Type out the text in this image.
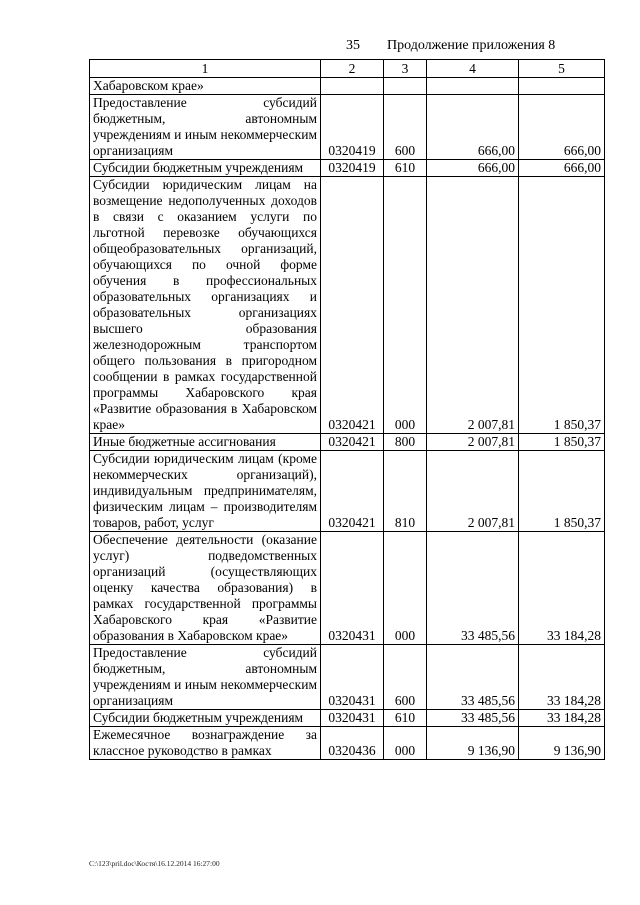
35 Продолжение приложения 8
1	2	3	4	5
Хабаровском крае»				
Предоставление субсидий бюджетным, автономным учреждениям и иным некоммерческим организациям	0320419	600	666,00	666,00
Субсидии бюджетным учреждениям	0320419	610	666,00	666,00
Субсидии юридическим лицам на возмещение недополученных доходов в связи с оказанием услуги по льготной перевозке обучающихся общеобразовательных организаций, обучающихся по очной форме обучения в профессиональных образовательных организациях и образовательных организациях высшего образования железнодорожным транспортом общего пользования в пригородном сообщении в рамках государственной программы Хабаровского края «Развитие образования в Хабаровском крае»	0320421	000	2 007,81	1 850,37
Иные бюджетные ассигнования	0320421	800	2 007,81	1 850,37
Субсидии юридическим лицам (кроме некоммерческих организаций), индивидуальным предпринимателям, физическим лицам – производителям товаров, работ, услуг	0320421	810	2 007,81	1 850,37
Обеспечение деятельности (оказание услуг) подведомственных организаций (осуществляющих оценку качества образования) в рамках государственной программы Хабаровского края «Развитие образования в Хабаровском крае»	0320431	000	33 485,56	33 184,28
Предоставление субсидий бюджетным, автономным учреждениям и иным некоммерческим организациям	0320431	600	33 485,56	33 184,28
Субсидии бюджетным учреждениям	0320431	610	33 485,56	33 184,28
Ежемесячное вознаграждение за классное руководство в рамках	0320436	000	9 136,90	9 136,90
C:\123\pril.doc\Костя\16.12.2014 16:27:00
